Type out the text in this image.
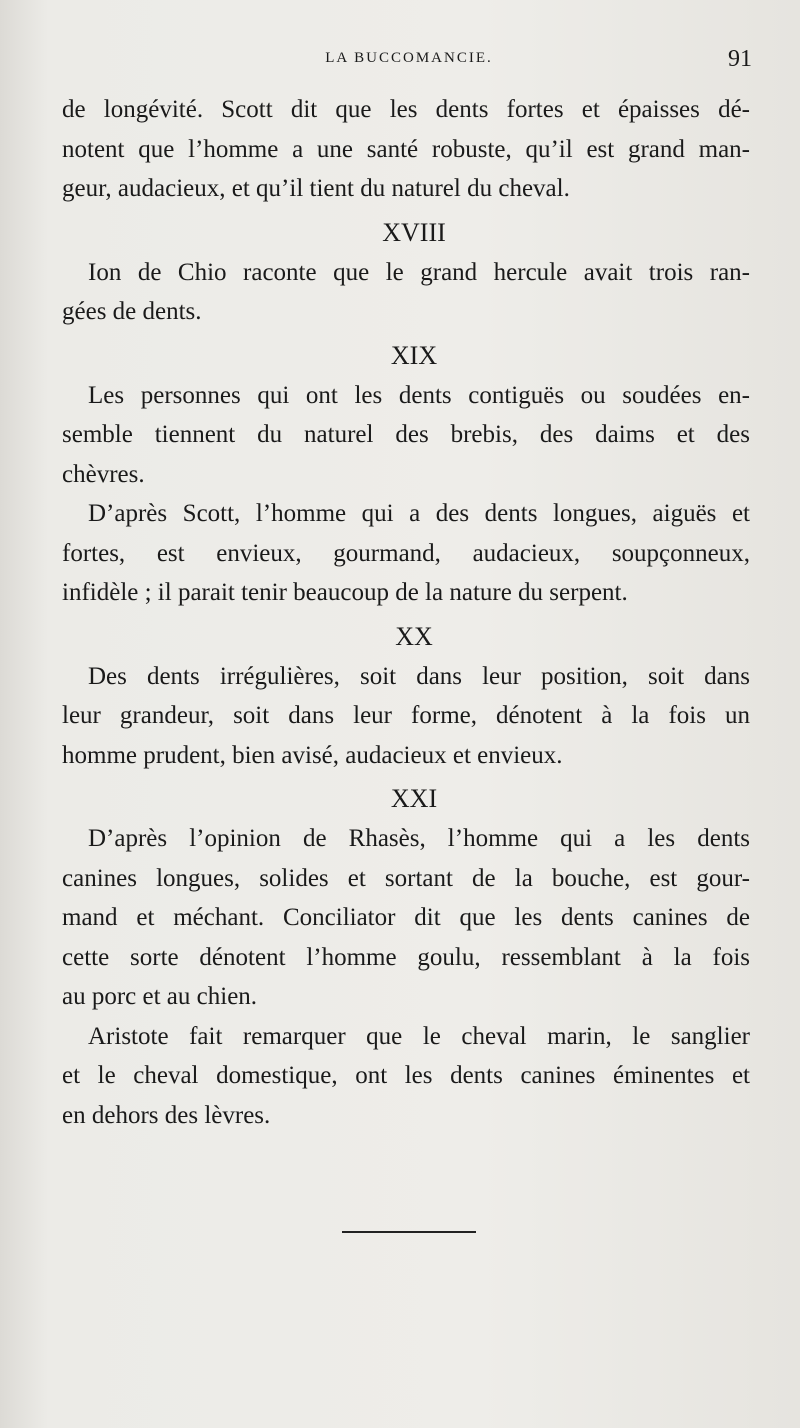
LA BUCCOMANCIE.	91
de longévité. Scott dit que les dents fortes et épaisses dé-
notent que l’homme a une santé robuste, qu’il est grand man-
geur, audacieux, et qu’il tient du naturel du cheval.
XVIII
Ion de Chio raconte que le grand hercule avait trois ran-
gées de dents.
XIX
Les personnes qui ont les dents contiguës ou soudées en-
semble tiennent du naturel des brebis, des daims et des
chèvres.
D’après Scott, l’homme qui a des dents longues, aiguës et
fortes, est envieux, gourmand, audacieux, soupçonneux,
infidèle ; il parait tenir beaucoup de la nature du serpent.
XX
Des dents irrégulières, soit dans leur position, soit dans
leur grandeur, soit dans leur forme, dénotent à la fois un
homme prudent, bien avisé, audacieux et envieux.
XXI
D’après l’opinion de Rhasès, l’homme qui a les dents
canines longues, solides et sortant de la bouche, est gour-
mand et méchant. Conciliator dit que les dents canines de
cette sorte dénotent l’homme goulu, ressemblant à la fois
au porc et au chien.
Aristote fait remarquer que le cheval marin, le sanglier
et le cheval domestique, ont les dents canines éminentes et
en dehors des lèvres.
